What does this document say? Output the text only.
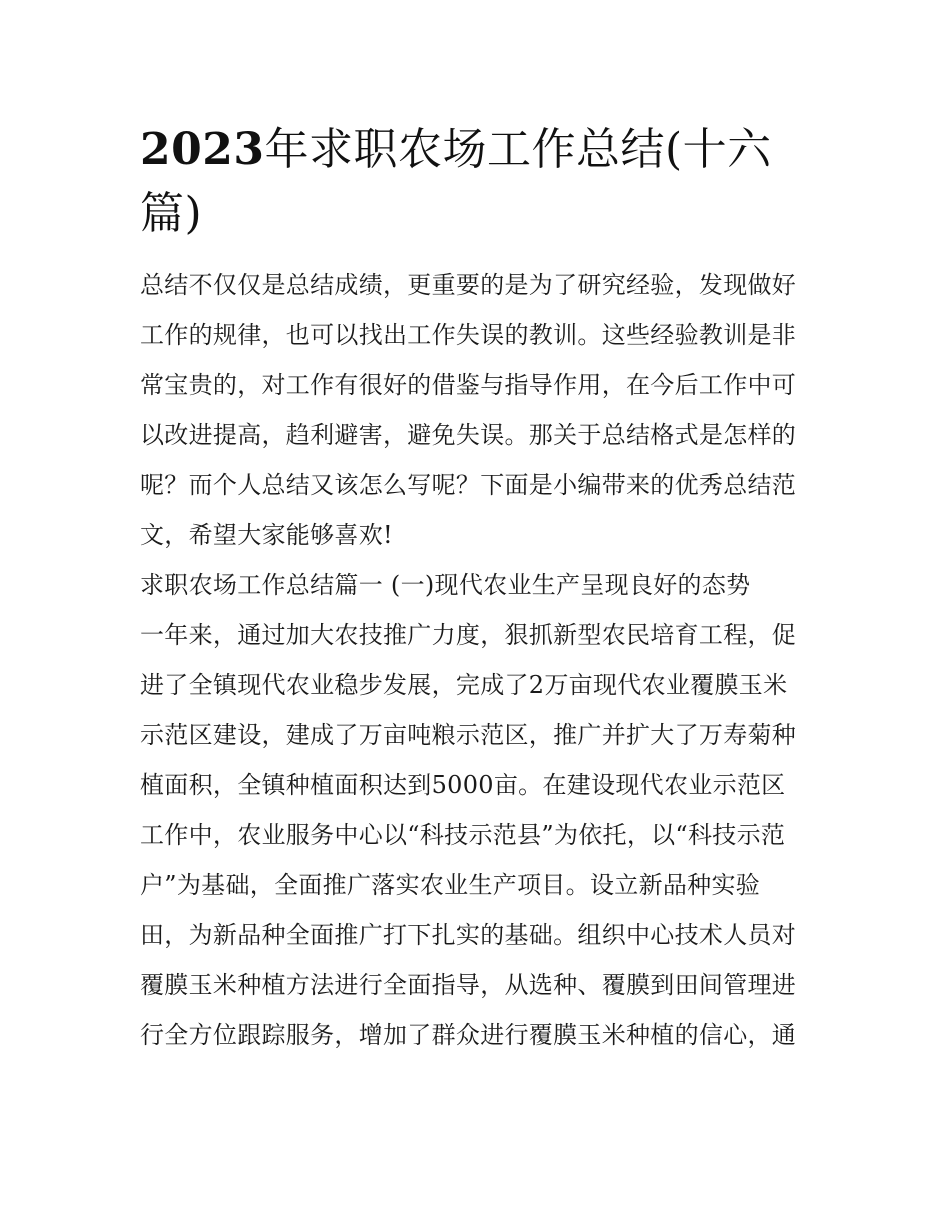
2023年求职农场工作总结(十六篇)
总结不仅仅是总结成绩，更重要的是为了研究经验，发现做好
工作的规律，也可以找出工作失误的教训。这些经验教训是非
常宝贵的，对工作有很好的借鉴与指导作用，在今后工作中可
以改进提高，趋利避害，避免失误。那关于总结格式是怎样的
呢？而个人总结又该怎么写呢？下面是小编带来的优秀总结范
文，希望大家能够喜欢!
求职农场工作总结篇一 (一)现代农业生产呈现良好的态势
一年来，通过加大农技推广力度，狠抓新型农民培育工程，促
进了全镇现代农业稳步发展，完成了2万亩现代农业覆膜玉米
示范区建设，建成了万亩吨粮示范区，推广并扩大了万寿菊种
植面积，全镇种植面积达到5000亩。在建设现代农业示范区
工作中，农业服务中心以“科技示范县”为依托，以“科技示范
户”为基础，全面推广落实农业生产项目。设立新品种实验
田，为新品种全面推广打下扎实的基础。组织中心技术人员对
覆膜玉米种植方法进行全面指导，从选种、覆膜到田间管理进
行全方位跟踪服务，增加了群众进行覆膜玉米种植的信心，通
